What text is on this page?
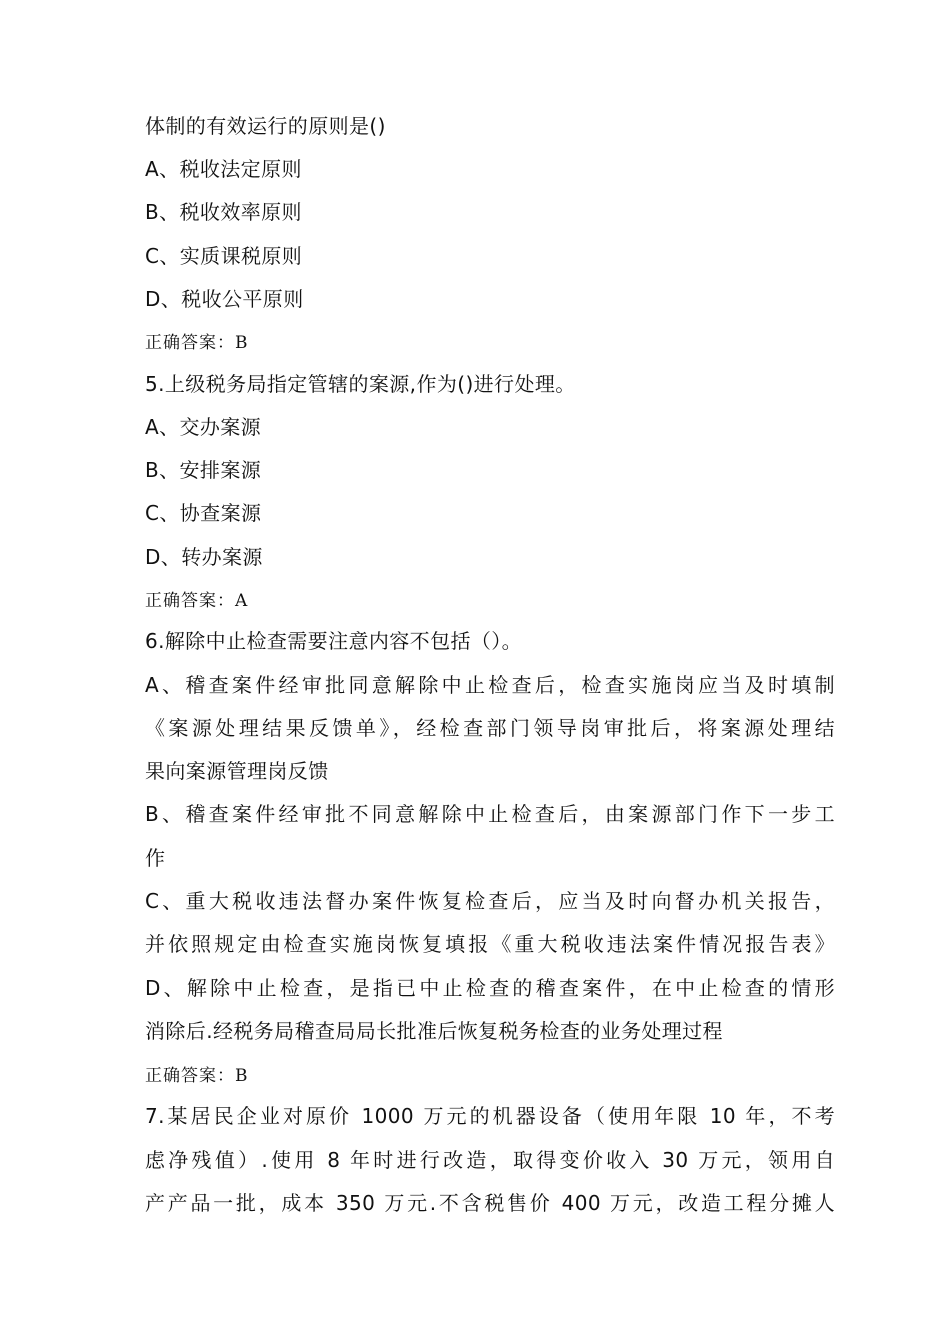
体制的有效运行的原则是()
A、税收法定原则
B、税收效率原则
C、实质课税原则
D、税收公平原则
正确答案：B
5.上级税务局指定管辖的案源,作为()进行处理。
A、交办案源
B、安排案源
C、协查案源
D、转办案源
正确答案：A
6.解除中止检查需要注意内容不包括（）。
A、稽查案件经审批同意解除中止检查后，检查实施岗应当及时填制
《案源处理结果反馈单》，经检查部门领导岗审批后，将案源处理结
果向案源管理岗反馈
B、稽查案件经审批不同意解除中止检查后，由案源部门作下一步工
作
C、重大税收违法督办案件恢复检查后，应当及时向督办机关报告，
并依照规定由检查实施岗恢复填报《重大税收违法案件情况报告表》
D、解除中止检查，是指已中止检查的稽查案件，在中止检查的情形
消除后.经税务局稽查局局长批准后恢复税务检查的业务处理过程
正确答案：B
7.某居民企业对原价 1000 万元的机器设备（使用年限 10 年，不考
虑净残值）.使用 8 年时进行改造，取得变价收入 30 万元，领用自
产产品一批，成本 350 万元.不含税售价 400 万元，改造工程分摊人
